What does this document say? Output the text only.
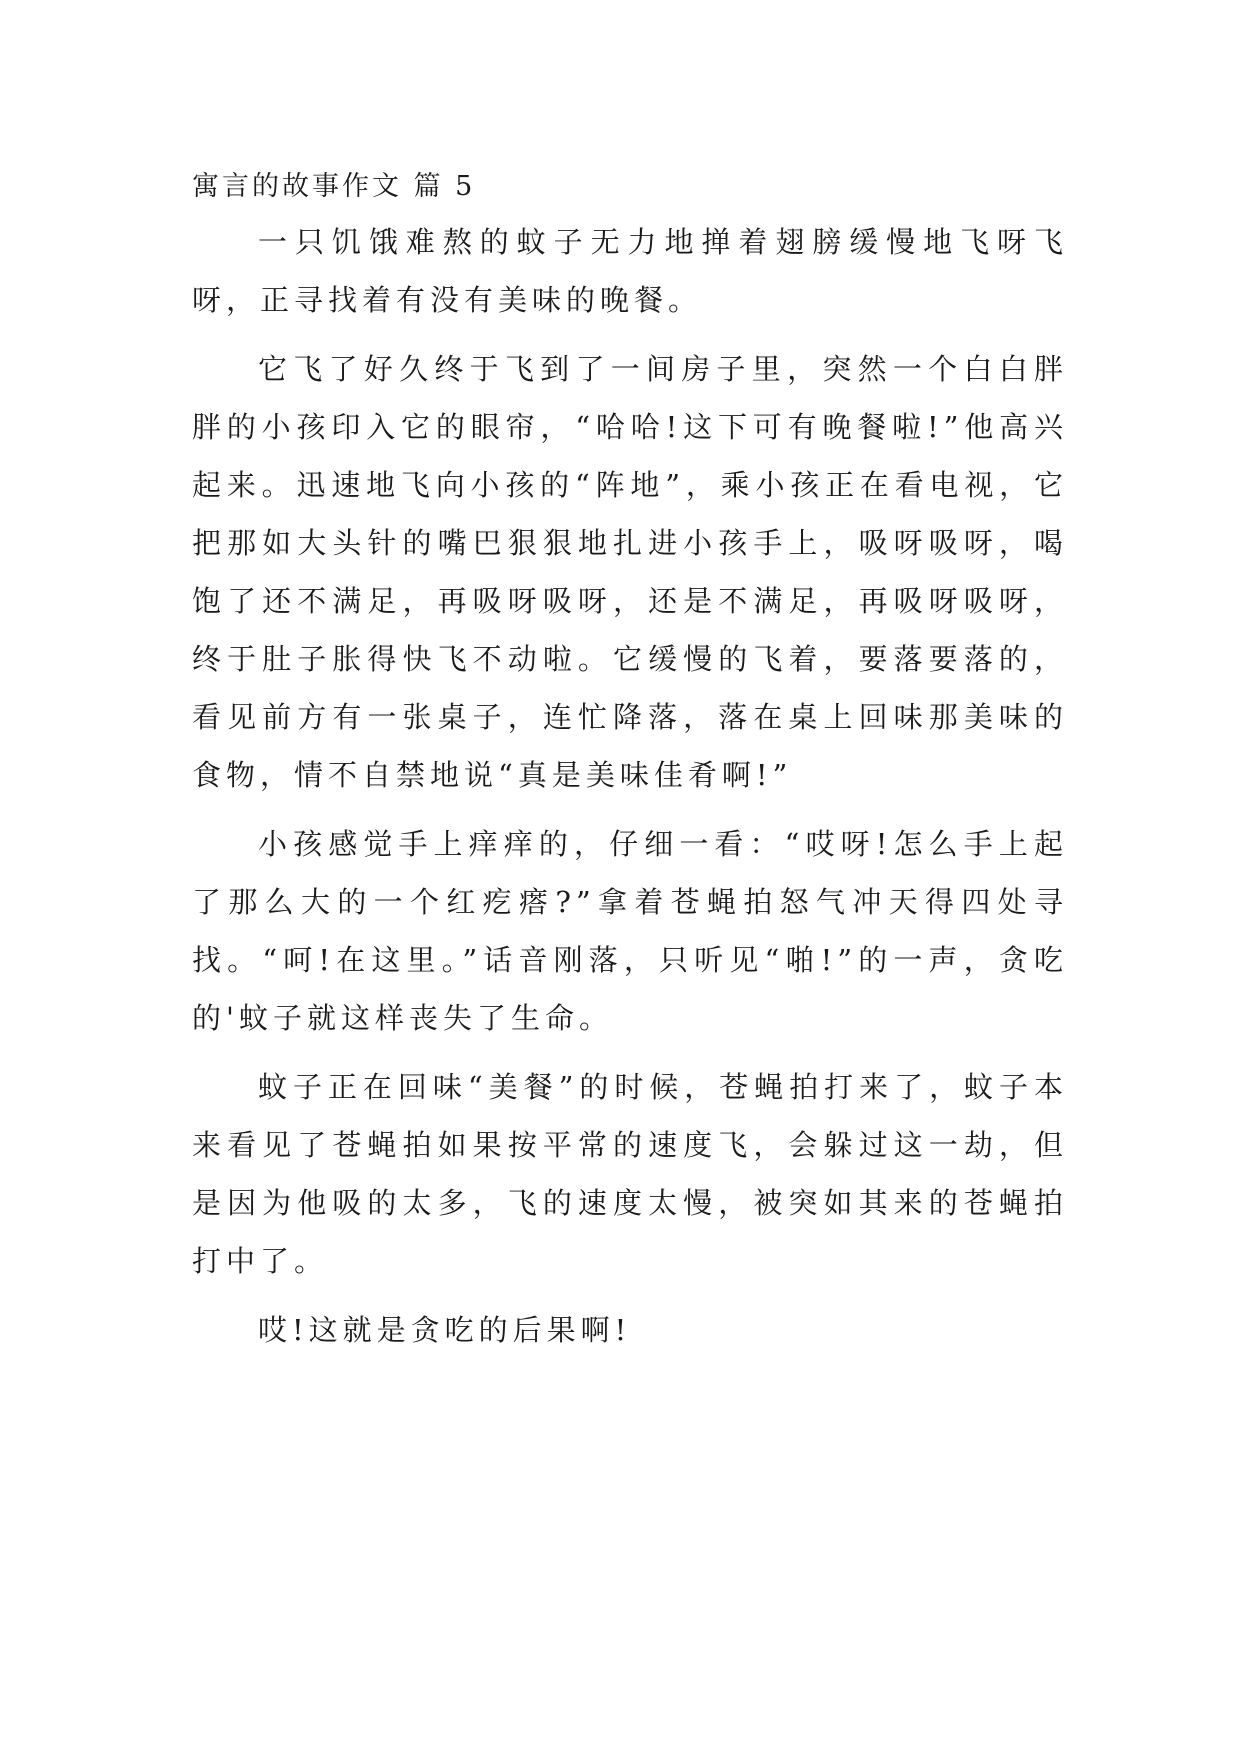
寓言的故事作文 篇 5

一只饥饿难熬的蚊子无力地掸着翅膀缓慢地飞呀飞呀，正寻找着有没有美味的晚餐。

它飞了好久终于飞到了一间房子里，突然一个白白胖胖的小孩印入它的眼帘，“哈哈!这下可有晚餐啦!”他高兴起来。迅速地飞向小孩的“阵地”，乘小孩正在看电视，它把那如大头针的嘴巴狠狠地扎进小孩手上，吸呀吸呀，喝饱了还不满足，再吸呀吸呀，还是不满足，再吸呀吸呀，终于肚子胀得快飞不动啦。它缓慢的飞着，要落要落的，看见前方有一张桌子，连忙降落，落在桌上回味那美味的食物，情不自禁地说“真是美味佳肴啊!”

小孩感觉手上痒痒的，仔细一看：“哎呀!怎么手上起了那么大的一个红疙瘩?”拿着苍蝇拍怒气冲天得四处寻找。“呵!在这里。”话音刚落，只听见“啪!”的一声，贪吃的'蚊子就这样丧失了生命。

蚊子正在回味“美餐”的时候，苍蝇拍打来了，蚊子本来看见了苍蝇拍如果按平常的速度飞，会躲过这一劫，但是因为他吸的太多，飞的速度太慢，被突如其来的苍蝇拍打中了。

哎!这就是贪吃的后果啊!
